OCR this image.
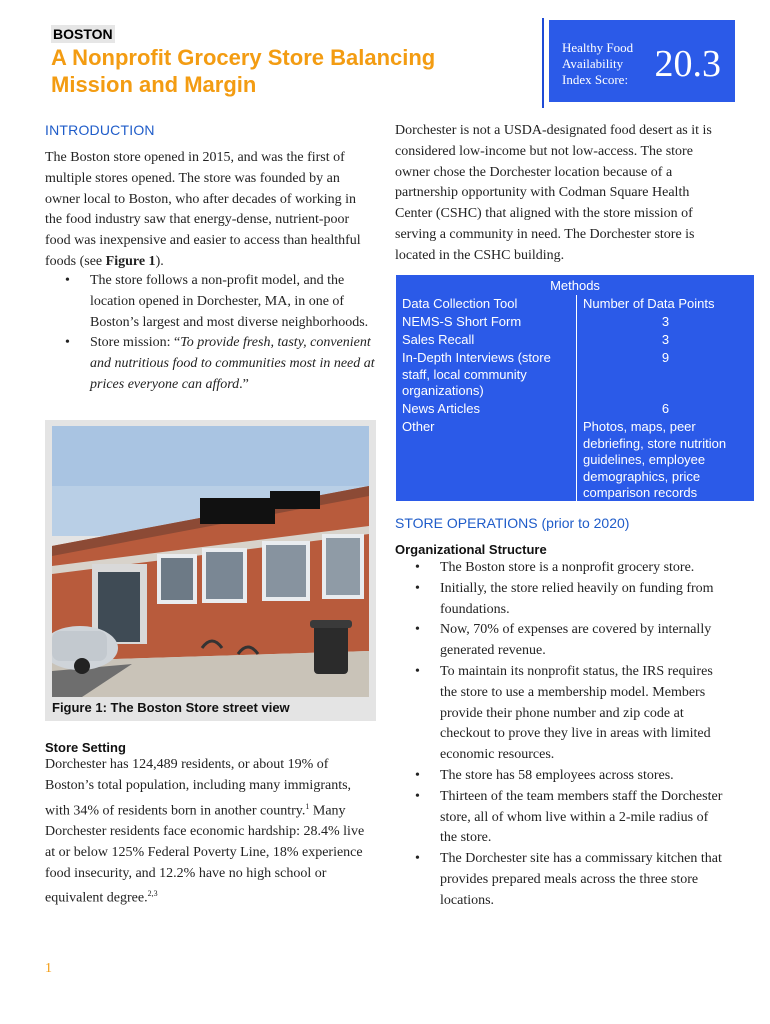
BOSTON
A Nonprofit Grocery Store Balancing Mission and Margin
Healthy Food Availability Index Score: 20.3
INTRODUCTION
The Boston store opened in 2015, and was the first of multiple stores opened. The store was founded by an owner local to Boston, who after decades of working in the food industry saw that energy-dense, nutrient-poor food was inexpensive and easier to access than healthful foods (see Figure 1).
• The store follows a non-profit model, and the location opened in Dorchester, MA, in one of Boston’s largest and most diverse neighborhoods.
• Store mission: “To provide fresh, tasty, convenient and nutritious food to communities most in need at prices everyone can afford.”
Figure 1: The Boston Store street view
Store Setting
Dorchester has 124,489 residents, or about 19% of Boston’s total population, including many immigrants, with 34% of residents born in another country.$^1$ Many Dorchester residents face economic hardship: 28.4% live at or below 125% Federal Poverty Line, 18% experience food insecurity, and 12.2% have no high school or equivalent degree.$^{2,3}$
1
Dorchester is not a USDA-designated food desert as it is considered low-income but not low-access. The store owner chose the Dorchester location because of a partnership opportunity with Codman Square Health Center (CSHC) that aligned with the store mission of serving a community in need. The Dorchester store is located in the CSHC building.
Methods	
Data Collection Tool	Number of Data Points
NEMS-S Short Form	3
Sales Recall	3
In-Depth Interviews (store staff, local community organizations)	9
News Articles	6
Other	Photos, maps, peer debriefing, store nutrition guidelines, employee demographics, price comparison records
STORE OPERATIONS (prior to 2020)
Organizational Structure
• The Boston store is a nonprofit grocery store.
• Initially, the store relied heavily on funding from foundations.
• Now, 70% of expenses are covered by internally generated revenue.
• To maintain its nonprofit status, the IRS requires the store to use a membership model. Members provide their phone number and zip code at checkout to prove they live in areas with limited economic resources.
• The store has 58 employees across stores.
• Thirteen of the team members staff the Dorchester store, all of whom live within a 2-mile radius of the store.
• The Dorchester site has a commissary kitchen that provides prepared meals across the three store locations.
